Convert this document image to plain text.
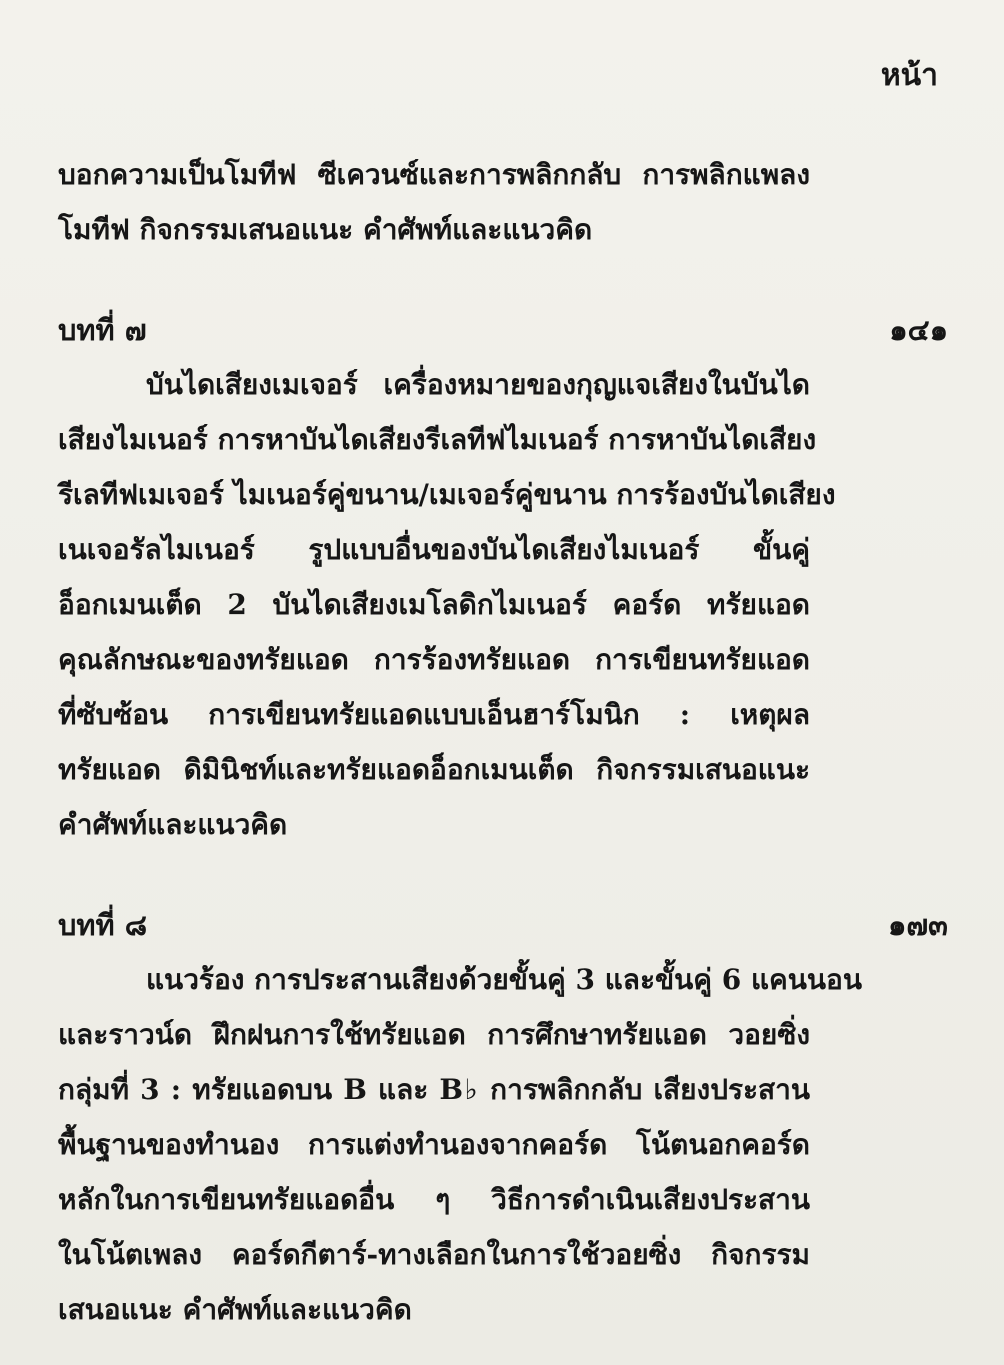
หน้า
บอกความเป็นโมทีฟ ซีเควนซ์และการพลิกกลับ การพลิกแพลง
โมทีฟ กิจกรรมเสนอแนะ คำศัพท์และแนวคิด
บทที่ ๗	๑๔๑
บันไดเสียงเมเจอร์ เครื่องหมายของกุญแจเสียงในบันได
เสียงไมเนอร์ การหาบันไดเสียงรีเลทีฟไมเนอร์ การหาบันไดเสียง
รีเลทีฟเมเจอร์ ไมเนอร์คู่ขนาน/เมเจอร์คู่ขนาน การร้องบันไดเสียง
เนเจอรัลไมเนอร์ รูปแบบอื่นของบันไดเสียงไมเนอร์ ขั้นคู่
อ็อกเมนเต็ด 2 บันไดเสียงเมโลดิกไมเนอร์ คอร์ด ทรัยแอด
คุณลักษณะของทรัยแอด การร้องทรัยแอด การเขียนทรัยแอด
ที่ซับซ้อน การเขียนทรัยแอดแบบเอ็นฮาร์โมนิก : เหตุผล
ทรัยแอด ดิมินิชท์และทรัยแอดอ็อกเมนเต็ด กิจกรรมเสนอแนะ
คำศัพท์และแนวคิด
บทที่ ๘	๑๗๓
แนวร้อง การประสานเสียงด้วยขั้นคู่ 3 และขั้นคู่ 6 แคนนอน
และราวน์ด ฝึกฝนการใช้ทรัยแอด การศึกษาทรัยแอด วอยซิ่ง
กลุ่มที่ 3 : ทรัยแอดบน B และ B♭ การพลิกกลับ เสียงประสาน
พื้นฐานของทำนอง การแต่งทำนองจากคอร์ด โน้ตนอกคอร์ด
หลักในการเขียนทรัยแอดอื่น ๆ วิธีการดำเนินเสียงประสาน
ในโน้ตเพลง คอร์ดกีตาร์-ทางเลือกในการใช้วอยซิ่ง กิจกรรม
เสนอแนะ คำศัพท์และแนวคิด
